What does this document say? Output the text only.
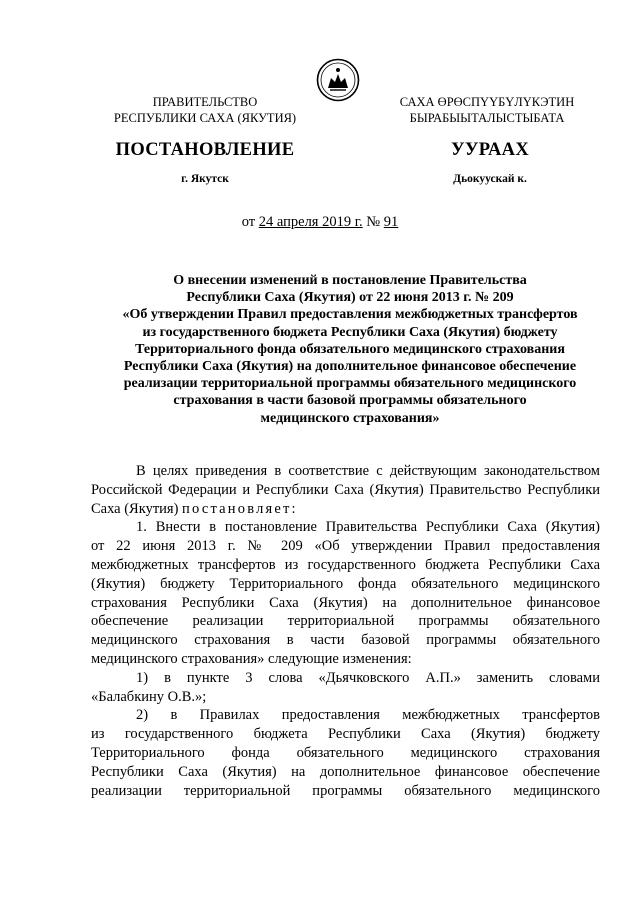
ПРАВИТЕЛЬСТВО
РЕСПУБЛИКИ САХА (ЯКУТИЯ)
САХА ӨРӨСПҮҮБҮЛҮКЭТИН
БЫРАБЫЫТАЛЫСТЫБАТА
ПОСТАНОВЛЕНИЕ	УУРААХ
г. Якутск	Дьокуускай к.
от 24 апреля 2019 г. № 91
О внесении изменений в постановление Правительства
Республики Саха (Якутия) от 22 июня 2013 г. № 209
«Об утверждении Правил предоставления межбюджетных трансфертов
из государственного бюджета Республики Саха (Якутия) бюджету
Территориального фонда обязательного медицинского страхования
Республики Саха (Якутия) на дополнительное финансовое обеспечение
реализации территориальной программы обязательного медицинского
страхования в части базовой программы обязательного
медицинского страхования»
В целях приведения в соответствие с действующим законодательством
Российской Федерации и Республики Саха (Якутия) Правительство Республики
Саха (Якутия) постановляет:
1. Внести в постановление Правительства Республики Саха (Якутия)
от 22 июня 2013 г. № 209 «Об утверждении Правил предоставления
межбюджетных трансфертов из государственного бюджета Республики Саха
(Якутия) бюджету Территориального фонда обязательного медицинского
страхования Республики Саха (Якутия) на дополнительное финансовое
обеспечение реализации территориальной программы обязательного
медицинского страхования в части базовой программы обязательного
медицинского страхования» следующие изменения:
1) в пункте 3 слова «Дьячковского А.П.» заменить словами
«Балабкину О.В.»;
2) в Правилах предоставления межбюджетных трансфертов
из государственного бюджета Республики Саха (Якутия) бюджету
Территориального фонда обязательного медицинского страхования
Республики Саха (Якутия) на дополнительное финансовое обеспечение
реализации территориальной программы обязательного медицинского
